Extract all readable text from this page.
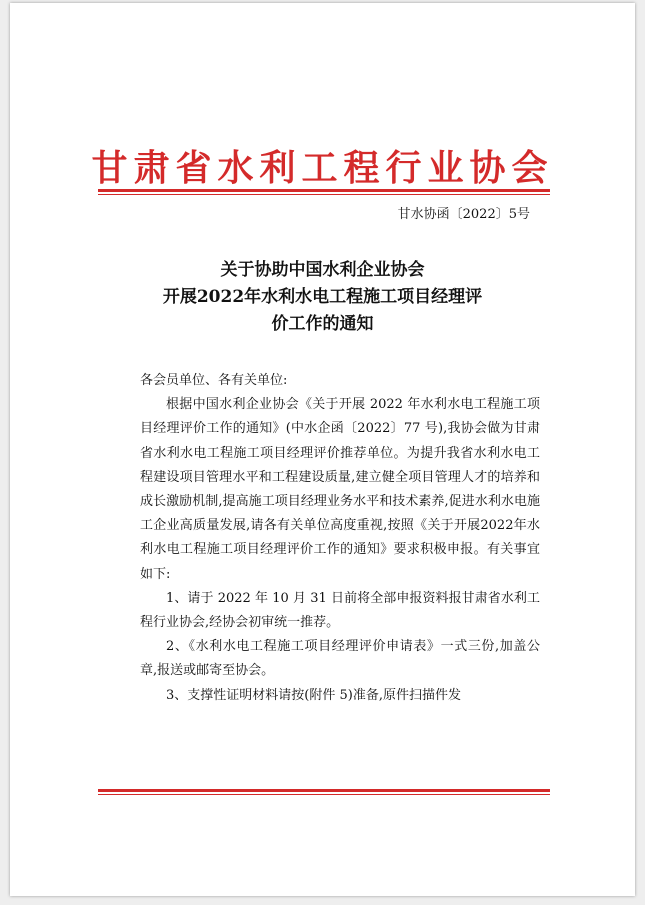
甘肃省水利工程行业协会
甘水协函〔2022〕5号
关于协助中国水利企业协会
开展2022年水利水电工程施工项目经理评
价工作的通知

各会员单位、各有关单位:

根据中国水利企业协会《关于开展 2022 年水利水电工程施工项目经理评价工作的通知》(中水企函〔2022〕77 号),我协会做为甘肃省水利水电工程施工项目经理评价推荐单位。为提升我省水利水电工程建设项目管理水平和工程建设质量,建立健全项目管理人才的培养和成长激励机制,提高施工项目经理业务水平和技术素养,促进水利水电施工企业高质量发展,请各有关单位高度重视,按照《关于开展2022年水利水电工程施工项目经理评价工作的通知》要求积极申报。有关事宜如下:

1、请于 2022 年 10 月 31 日前将全部申报资料报甘肃省水利工程行业协会,经协会初审统一推荐。

2、《水利水电工程施工项目经理评价申请表》一式三份,加盖公章,报送或邮寄至协会。

3、支撑性证明材料请按(附件 5)准备,原件扫描件发
